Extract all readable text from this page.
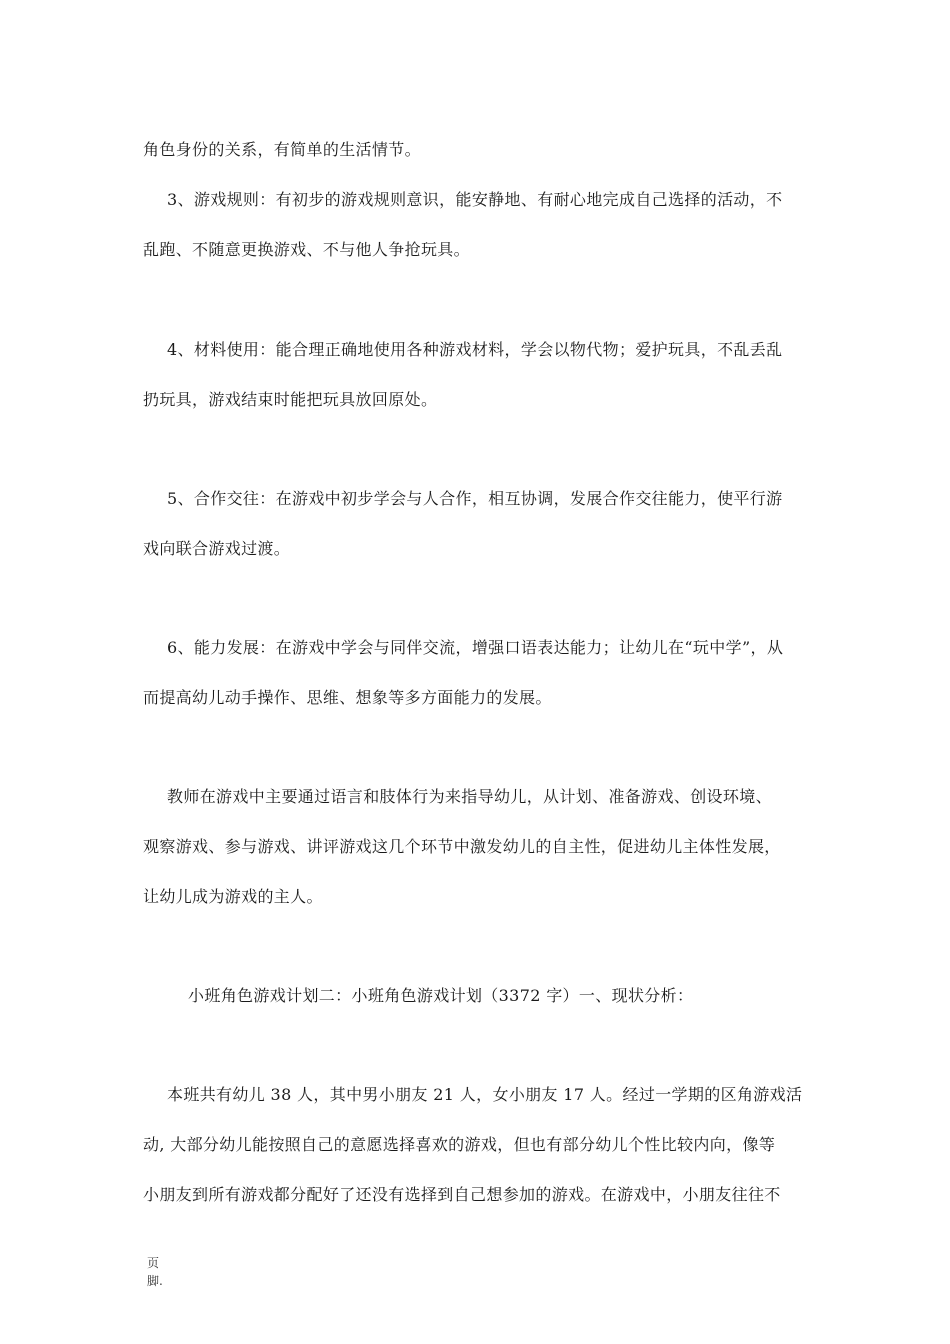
角色身份的关系，有简单的生活情节。
3、游戏规则：有初步的游戏规则意识，能安静地、有耐心地完成自己选择的活动，不
乱跑、不随意更换游戏、不与他人争抢玩具。
4、材料使用：能合理正确地使用各种游戏材料，学会以物代物；爱护玩具，不乱丢乱
扔玩具，游戏结束时能把玩具放回原处。
5、合作交往：在游戏中初步学会与人合作，相互协调，发展合作交往能力，使平行游
戏向联合游戏过渡。
6、能力发展：在游戏中学会与同伴交流，增强口语表达能力；让幼儿在“玩中学”，从
而提高幼儿动手操作、思维、想象等多方面能力的发展。
教师在游戏中主要通过语言和肢体行为来指导幼儿，从计划、准备游戏、创设环境、
观察游戏、参与游戏、讲评游戏这几个环节中激发幼儿的自主性，促进幼儿主体性发展，
让幼儿成为游戏的主人。
小班角色游戏计划二：小班角色游戏计划（3372 字）一、现状分析：
本班共有幼儿 38 人，其中男小朋友 21 人，女小朋友 17 人。经过一学期的区角游戏活
动, 大部分幼儿能按照自己的意愿选择喜欢的游戏，但也有部分幼儿个性比较内向，像等
小朋友到所有游戏都分配好了还没有选择到自己想参加的游戏。在游戏中，小朋友往往不
页
脚.
